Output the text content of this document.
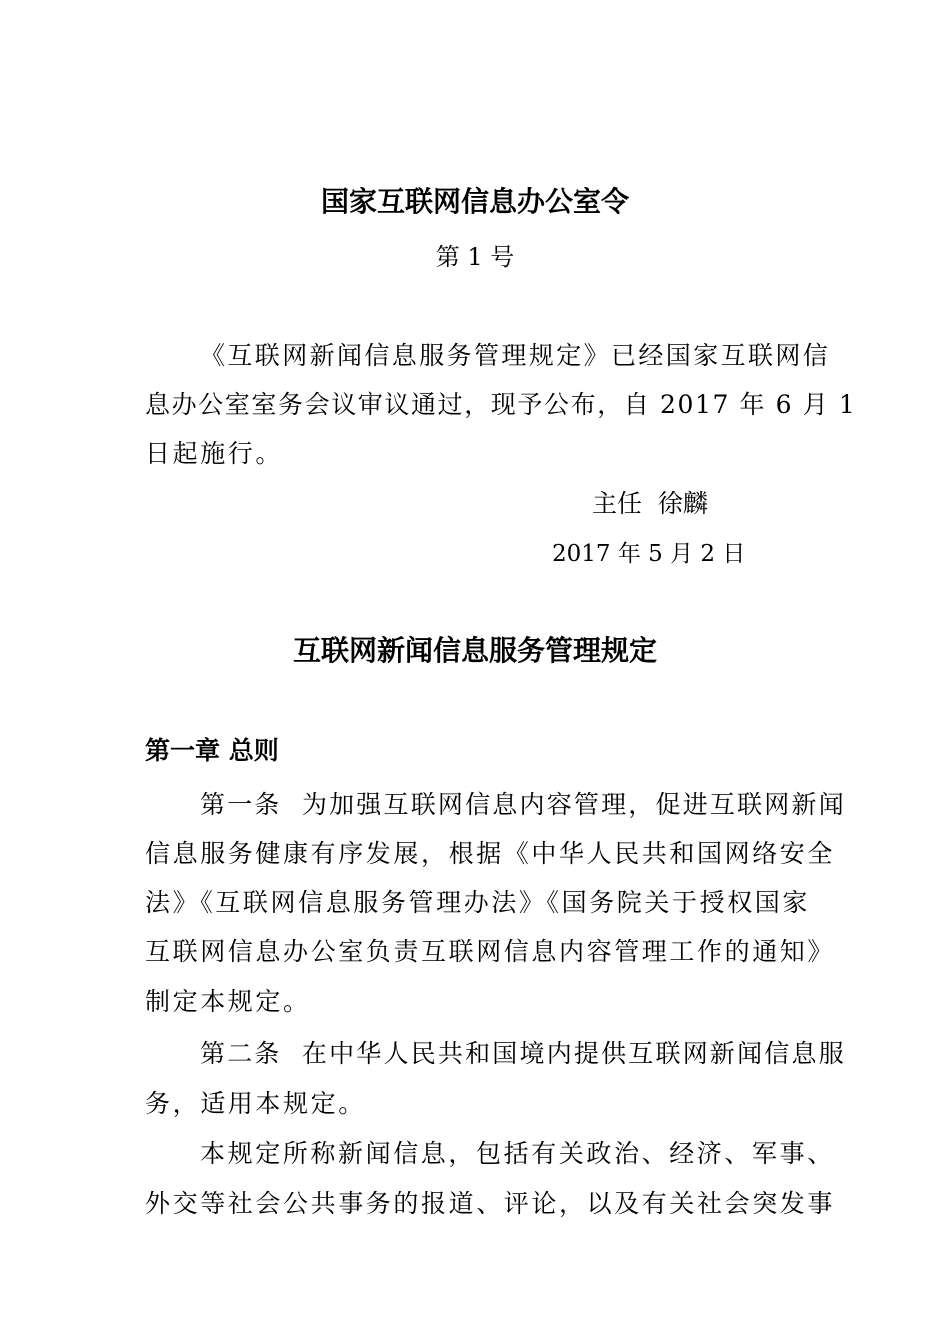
国家互联网信息办公室令
第 1 号
《互联网新闻信息服务管理规定》已经国家互联网信
息办公室室务会议审议通过，现予公布，自 2017 年 6 月 1
日起施行。
主任  徐麟
2017 年 5 月 2 日
互联网新闻信息服务管理规定
第一章 总则
第一条  为加强互联网信息内容管理，促进互联网新闻
信息服务健康有序发展，根据《中华人民共和国网络安全
法》《互联网信息服务管理办法》《国务院关于授权国家
互联网信息办公室负责互联网信息内容管理工作的通知》
制定本规定。
第二条  在中华人民共和国境内提供互联网新闻信息服
务，适用本规定。
本规定所称新闻信息，包括有关政治、经济、军事、
外交等社会公共事务的报道、评论，以及有关社会突发事
